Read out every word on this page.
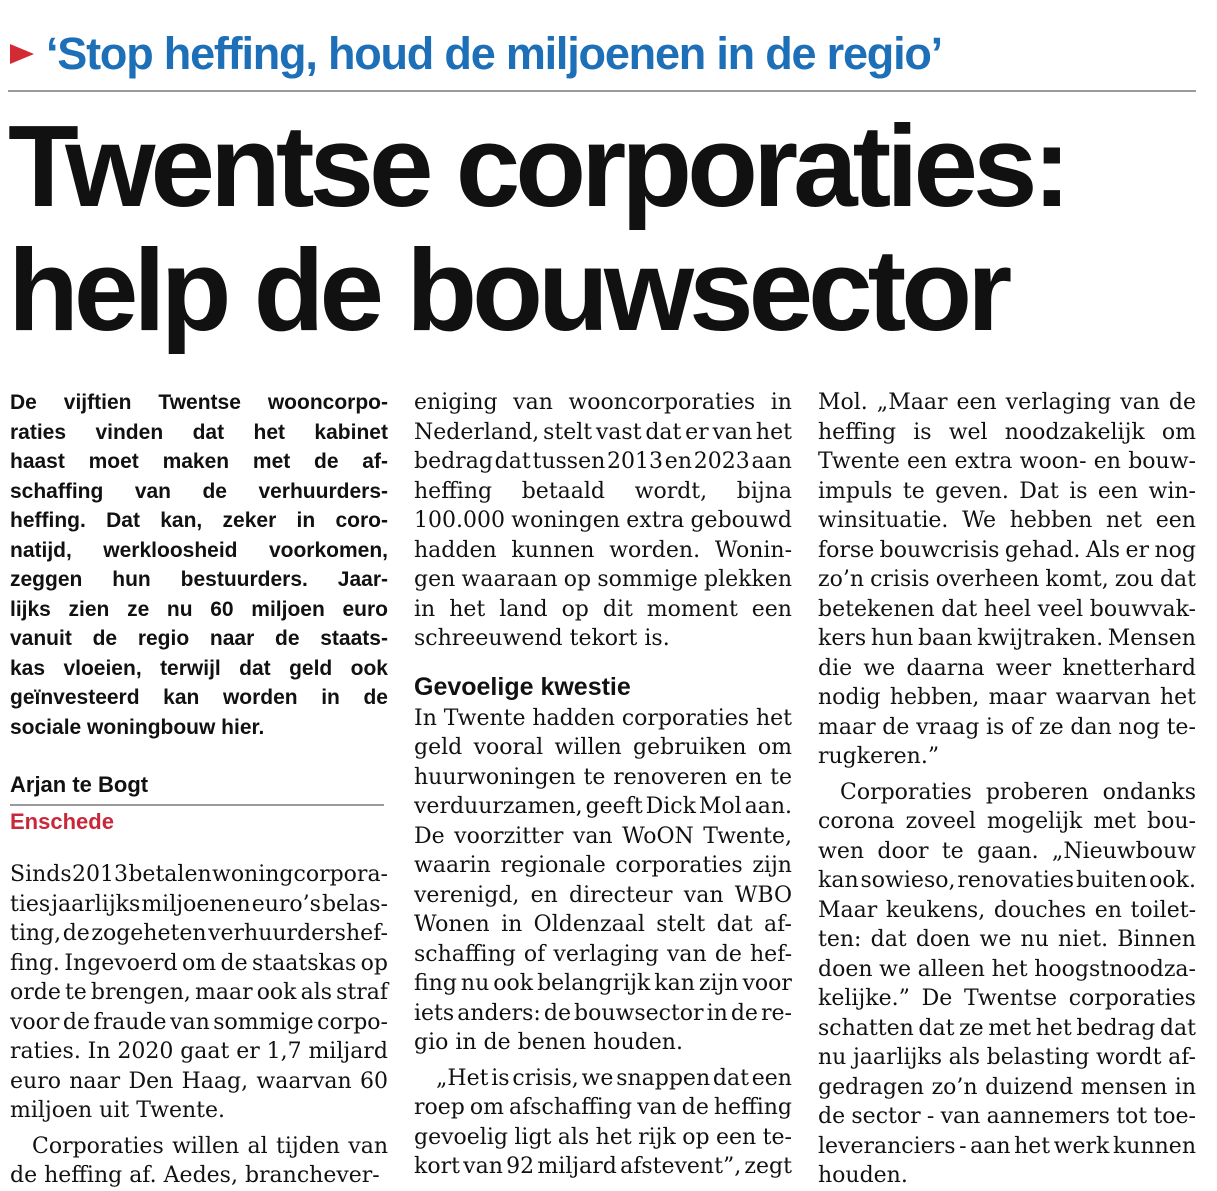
‘Stop heffing, houd de miljoenen in de regio’
Twentse corporaties:
help de bouwsector
De vijftien Twentse wooncorpo-
raties vinden dat het kabinet
haast moet maken met de af-
schaffing van de verhuurders-
heffing. Dat kan, zeker in coro-
natijd, werkloosheid voorkomen,
zeggen hun bestuurders. Jaar-
lijks zien ze nu 60 miljoen euro
vanuit de regio naar de staats-
kas vloeien, terwijl dat geld ook
geïnvesteerd kan worden in de
sociale woningbouw hier.
Arjan te Bogt
Enschede
Sinds 2013 betalen woningcorpora-
ties jaarlijks miljoenen euro’s belas-
ting, de zogeheten verhuurdershef-
fing. Ingevoerd om de staatskas op
orde te brengen, maar ook als straf
voor de fraude van sommige corpo-
raties. In 2020 gaat er 1,7 miljard
euro naar Den Haag, waarvan 60
miljoen uit Twente.
Corporaties willen al tijden van
de heffing af. Aedes, branchever-
eniging van wooncorporaties in
Nederland, stelt vast dat er van het
bedrag dat tussen 2013 en 2023 aan
heffing betaald wordt, bijna
100.000 woningen extra gebouwd
hadden kunnen worden. Wonin-
gen waaraan op sommige plekken
in het land op dit moment een
schreeuwend tekort is.
Gevoelige kwestie
In Twente hadden corporaties het
geld vooral willen gebruiken om
huurwoningen te renoveren en te
verduurzamen, geeft Dick Mol aan.
De voorzitter van WoON Twente,
waarin regionale corporaties zijn
verenigd, en directeur van WBO
Wonen in Oldenzaal stelt dat af-
schaffing of verlaging van de hef-
fing nu ook belangrijk kan zijn voor
iets anders: de bouwsector in de re-
gio in de benen houden.
„Het is crisis, we snappen dat een
roep om afschaffing van de heffing
gevoelig ligt als het rijk op een te-
kort van 92 miljard afstevent”, zegt
Mol. „Maar een verlaging van de
heffing is wel noodzakelijk om
Twente een extra woon- en bouw-
impuls te geven. Dat is een win-
winsituatie. We hebben net een
forse bouwcrisis gehad. Als er nog
zo’n crisis overheen komt, zou dat
betekenen dat heel veel bouwvak-
kers hun baan kwijtraken. Mensen
die we daarna weer knetterhard
nodig hebben, maar waarvan het
maar de vraag is of ze dan nog te-
rugkeren.”
Corporaties proberen ondanks
corona zoveel mogelijk met bou-
wen door te gaan. „Nieuwbouw
kan sowieso, renovaties buiten ook.
Maar keukens, douches en toilet-
ten: dat doen we nu niet. Binnen
doen we alleen het hoogstnoodza-
kelijke.” De Twentse corporaties
schatten dat ze met het bedrag dat
nu jaarlijks als belasting wordt af-
gedragen zo’n duizend mensen in
de sector - van aannemers tot toe-
leveranciers - aan het werk kunnen
houden.
